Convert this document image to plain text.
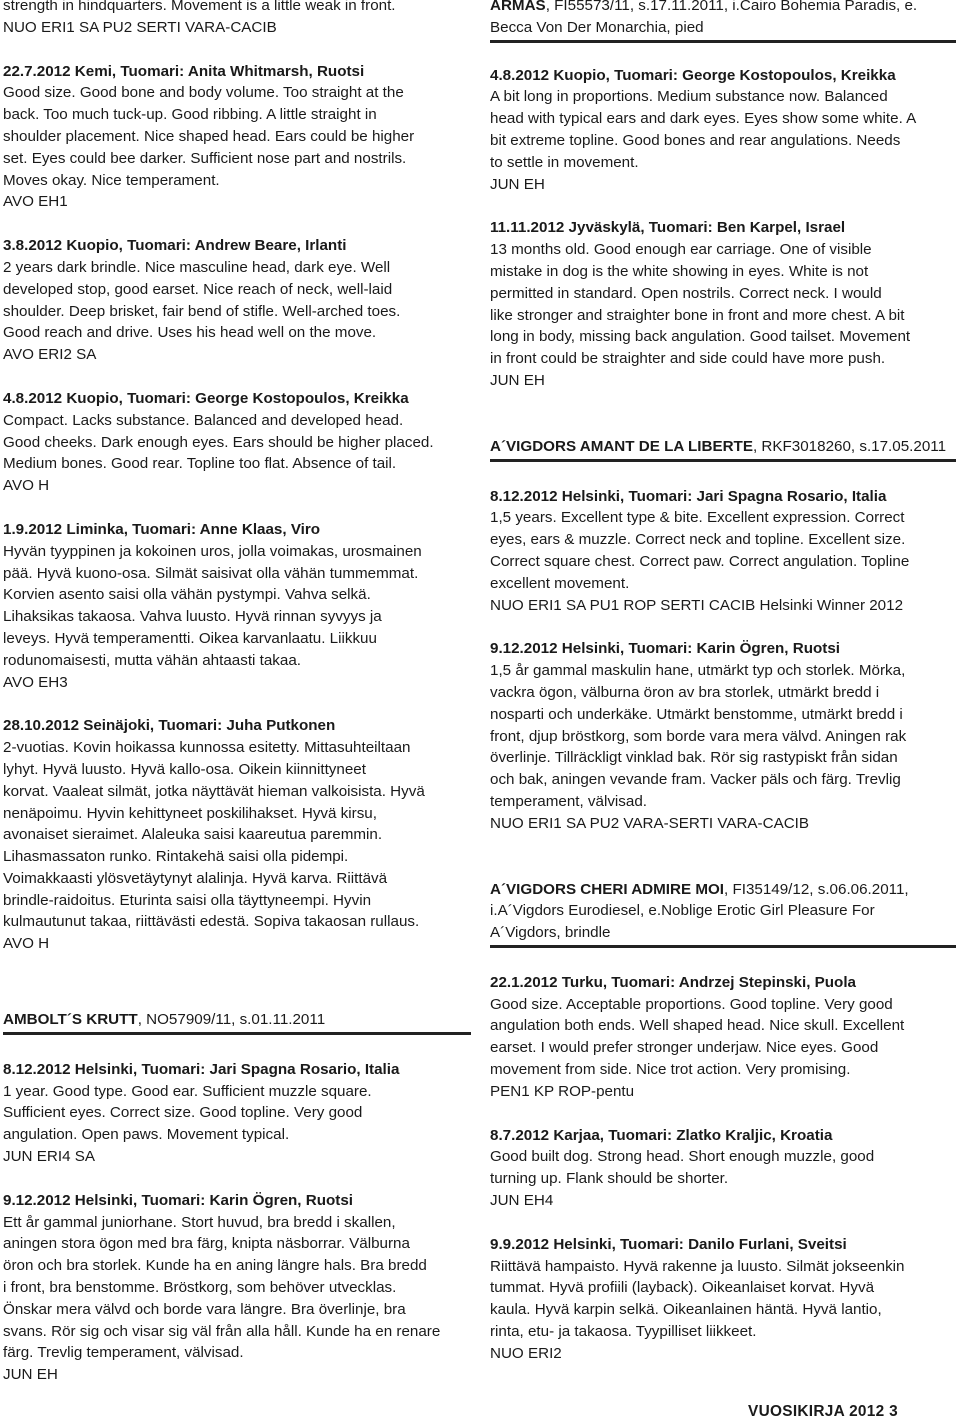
strength in hindquarters. Movement is a little weak in front.
NUO ERI1 SA PU2 SERTI VARA-CACIB
22.7.2012 Kemi, Tuomari: Anita Whitmarsh, Ruotsi
Good size. Good bone and body volume. Too straight at the
back. Too much tuck-up. Good ribbing. A little straight in
shoulder placement. Nice shaped head. Ears could be higher
set. Eyes could bee darker. Sufficient nose part and nostrils.
Moves okay. Nice temperament.
AVO EH1
3.8.2012 Kuopio, Tuomari: Andrew Beare, Irlanti
2 years dark brindle. Nice masculine head, dark eye. Well
developed stop, good earset. Nice reach of neck, well-laid
shoulder. Deep brisket, fair bend of stifle. Well-arched toes.
Good reach and drive. Uses his head well on the move.
AVO ERI2 SA
4.8.2012 Kuopio, Tuomari: George Kostopoulos, Kreikka
Compact. Lacks substance. Balanced and developed head.
Good cheeks. Dark enough eyes. Ears should be higher placed.
Medium bones. Good rear. Topline too flat. Absence of tail.
AVO H
1.9.2012 Liminka, Tuomari: Anne Klaas, Viro
Hyvän tyyppinen ja kokoinen uros, jolla voimakas, urosmainen
pää. Hyvä kuono-osa. Silmät saisivat olla vähän tummemmat.
Korvien asento saisi olla vähän pystympi. Vahva selkä.
Lihaksikas takaosa. Vahva luusto. Hyvä rinnan syvyys ja
leveys. Hyvä temperamentti. Oikea karvanlaatu. Liikkuu
rodunomaisesti, mutta vähän ahtaasti takaa.
AVO EH3
28.10.2012 Seinäjoki, Tuomari: Juha Putkonen
2-vuotias. Kovin hoikassa kunnossa esitetty. Mittasuhteiltaan
lyhyt. Hyvä luusto. Hyvä kallo-osa. Oikein kiinnittyneet
korvat. Vaaleat silmät, jotka näyttävät hieman valkoisista. Hyvä
nenäpoimu. Hyvin kehittyneet poskilihakset. Hyvä kirsu,
avonaiset sieraimet. Alaleuka saisi kaareutua paremmin.
Lihasmassaton runko. Rintakehä saisi olla pidempi.
Voimakkaasti ylösvetäytynyt alalinja. Hyvä karva. Riittävä
brindle-raidoitus. Eturinta saisi olla täyttyneempi. Hyvin
kulmautunut takaa, riittävästi edestä. Sopiva takaosan rullaus.
AVO H
AMBOLT´S KRUTT, NO57909/11, s.01.11.2011
8.12.2012 Helsinki, Tuomari: Jari Spagna Rosario, Italia
1 year. Good type. Good ear. Sufficient muzzle square.
Sufficient eyes. Correct size. Good topline. Very good
angulation. Open paws. Movement typical.
JUN ERI4 SA
9.12.2012 Helsinki, Tuomari: Karin Ögren, Ruotsi
Ett år gammal juniorhane. Stort huvud, bra bredd i skallen,
aningen stora ögon med bra färg, knipta näsborrar. Välburna
öron och bra storlek. Kunde ha en aning längre hals. Bra bredd
i front, bra benstomme. Bröstkorg, som behöver utvecklas.
Önskar mera välvd och borde vara längre. Bra överlinje, bra
svans. Rör sig och visar sig väl från alla håll. Kunde ha en renare
färg. Trevlig temperament, välvisad.
JUN EH
ARMAS, FI55573/11, s.17.11.2011, i.Cairo Bohemia Paradis, e.
Becca Von Der Monarchia, pied
4.8.2012 Kuopio, Tuomari: George Kostopoulos, Kreikka
A bit long in proportions. Medium substance now. Balanced
head with typical ears and dark eyes. Eyes show some white. A
bit extreme topline. Good bones and rear angulations. Needs
to settle in movement.
JUN EH
11.11.2012 Jyväskylä, Tuomari: Ben Karpel, Israel
13 months old. Good enough ear carriage. One of visible
mistake in dog is the white showing in eyes. White is not
permitted in standard. Open nostrils. Correct neck. I would
like stronger and straighter bone in front and more chest. A bit
long in body, missing back angulation. Good tailset. Movement
in front could be straighter and side could have more push.
JUN EH
A´VIGDORS AMANT DE LA LIBERTE, RKF3018260, s.17.05.2011
8.12.2012 Helsinki, Tuomari: Jari Spagna Rosario, Italia
1,5 years. Excellent type & bite. Excellent expression. Correct
eyes, ears & muzzle. Correct neck and topline. Excellent size.
Correct square chest. Correct paw. Correct angulation. Topline
excellent movement.
NUO ERI1 SA PU1 ROP SERTI CACIB Helsinki Winner 2012
9.12.2012 Helsinki, Tuomari: Karin Ögren, Ruotsi
1,5 år gammal maskulin hane, utmärkt typ och storlek. Mörka,
vackra ögon, välburna öron av bra storlek, utmärkt bredd i
nosparti och underkäke. Utmärkt benstomme, utmärkt bredd i
front, djup bröstkorg, som borde vara mera välvd. Aningen rak
överlinje. Tillräckligt vinklad bak. Rör sig rastypiskt från sidan
och bak, aningen vevande fram. Vacker päls och färg. Trevlig
temperament, välvisad.
NUO ERI1 SA PU2 VARA-SERTI VARA-CACIB
A´VIGDORS CHERI ADMIRE MOI, FI35149/12, s.06.06.2011,
i.A´Vigdors Eurodiesel, e.Noblige Erotic Girl Pleasure For
A´Vigdors, brindle
22.1.2012 Turku, Tuomari: Andrzej Stepinski, Puola
Good size. Acceptable proportions. Good topline. Very good
angulation both ends. Well shaped head. Nice skull. Excellent
earset. I would prefer stronger underjaw. Nice eyes. Good
movement from side. Nice trot action. Very promising.
PEN1 KP ROP-pentu
8.7.2012 Karjaa, Tuomari: Zlatko Kraljic, Kroatia
Good built dog. Strong head. Short enough muzzle, good
turning up. Flank should be shorter.
JUN EH4
9.9.2012 Helsinki, Tuomari: Danilo Furlani, Sveitsi
Riittävä hampaisto. Hyvä rakenne ja luusto. Silmät jokseenkin
tummat. Hyvä profiili (layback). Oikeanlaiset korvat. Hyvä
kaula. Hyvä karpin selkä. Oikeanlainen häntä. Hyvä lantio,
rinta, etu- ja takaosa. Tyypilliset liikkeet.
NUO ERI2
VUOSIKIRJA 2012 3
